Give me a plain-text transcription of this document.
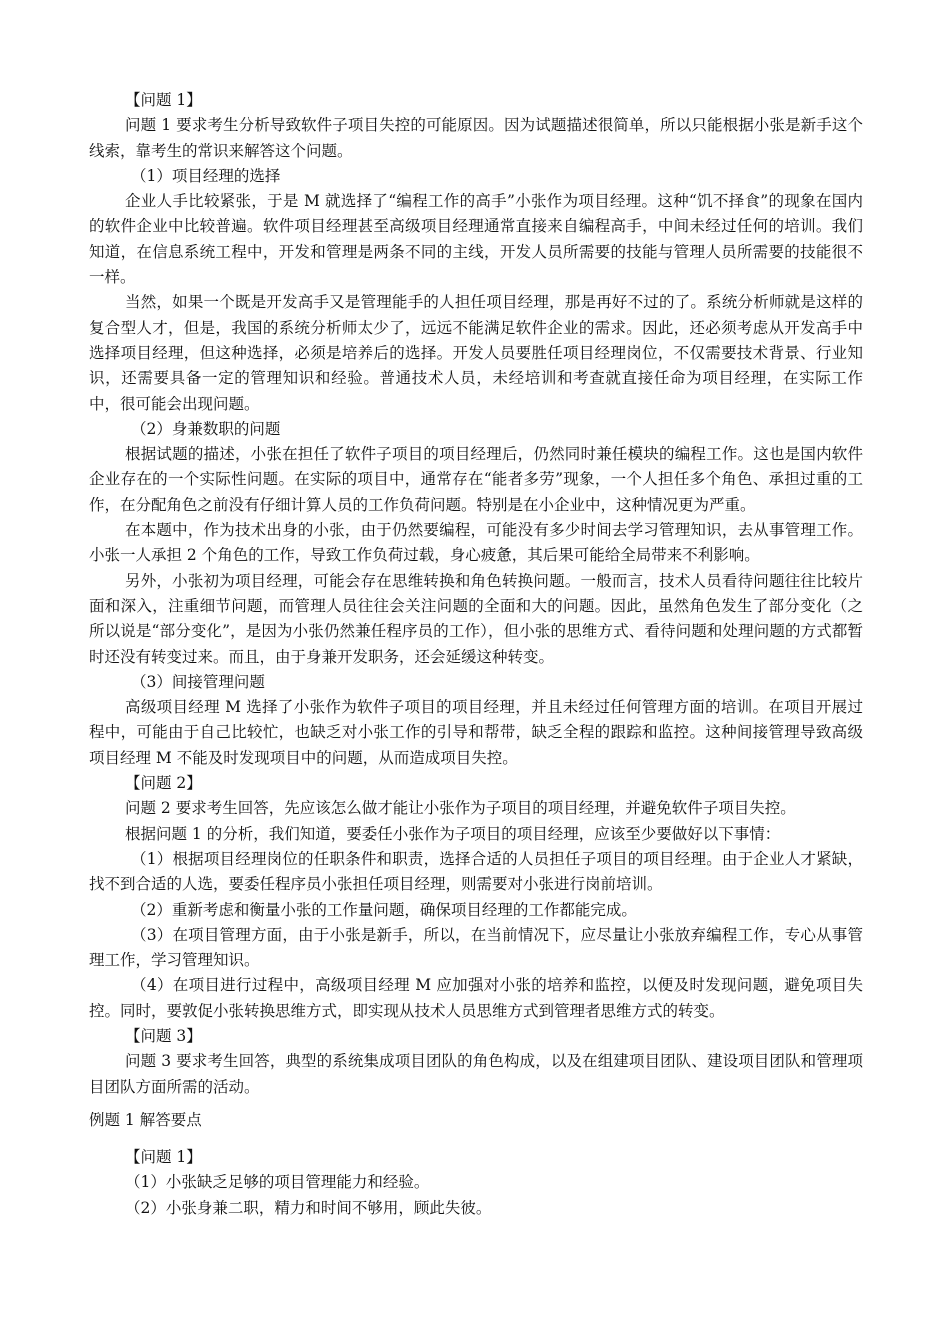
【问题 1】

问题 1 要求考生分析导致软件子项目失控的可能原因。因为试题描述很简单，所以只能根据小张是新手这个线索，靠考生的常识来解答这个问题。

（1）项目经理的选择

企业人手比较紧张，于是 M 就选择了“编程工作的高手”小张作为项目经理。这种“饥不择食”的现象在国内的软件企业中比较普遍。软件项目经理甚至高级项目经理通常直接来自编程高手，中间未经过任何的培训。我们知道，在信息系统工程中，开发和管理是两条不同的主线，开发人员所需要的技能与管理人员所需要的技能很不一样。

当然，如果一个既是开发高手又是管理能手的人担任项目经理，那是再好不过的了。系统分析师就是这样的复合型人才，但是，我国的系统分析师太少了，远远不能满足软件企业的需求。因此，还必须考虑从开发高手中选择项目经理，但这种选择，必须是培养后的选择。开发人员要胜任项目经理岗位，不仅需要技术背景、行业知识，还需要具备一定的管理知识和经验。普通技术人员，未经培训和考查就直接任命为项目经理，在实际工作中，很可能会出现问题。

（2）身兼数职的问题

根据试题的描述，小张在担任了软件子项目的项目经理后，仍然同时兼任模块的编程工作。这也是国内软件企业存在的一个实际性问题。在实际的项目中，通常存在“能者多劳”现象，一个人担任多个角色、承担过重的工作，在分配角色之前没有仔细计算人员的工作负荷问题。特别是在小企业中，这种情况更为严重。

在本题中，作为技术出身的小张，由于仍然要编程，可能没有多少时间去学习管理知识，去从事管理工作。小张一人承担 2 个角色的工作，导致工作负荷过载，身心疲惫，其后果可能给全局带来不利影响。

另外，小张初为项目经理，可能会存在思维转换和角色转换问题。一般而言，技术人员看待问题往往比较片面和深入，注重细节问题，而管理人员往往会关注问题的全面和大的问题。因此，虽然角色发生了部分变化（之所以说是“部分变化”，是因为小张仍然兼任程序员的工作），但小张的思维方式、看待问题和处理问题的方式都暂时还没有转变过来。而且，由于身兼开发职务，还会延缓这种转变。

（3）间接管理问题

高级项目经理 M 选择了小张作为软件子项目的项目经理，并且未经过任何管理方面的培训。在项目开展过程中，可能由于自己比较忙，也缺乏对小张工作的引导和帮带，缺乏全程的跟踪和监控。这种间接管理导致高级项目经理 M 不能及时发现项目中的问题，从而造成项目失控。

【问题 2】

问题 2 要求考生回答，先应该怎么做才能让小张作为子项目的项目经理，并避免软件子项目失控。

根据问题 1 的分析，我们知道，要委任小张作为子项目的项目经理，应该至少要做好以下事情：

（1）根据项目经理岗位的任职条件和职责，选择合适的人员担任子项目的项目经理。由于企业人才紧缺，找不到合适的人选，要委任程序员小张担任项目经理，则需要对小张进行岗前培训。

（2）重新考虑和衡量小张的工作量问题，确保项目经理的工作都能完成。

（3）在项目管理方面，由于小张是新手，所以，在当前情况下，应尽量让小张放弃编程工作，专心从事管理工作，学习管理知识。

（4）在项目进行过程中，高级项目经理 M 应加强对小张的培养和监控，以便及时发现问题，避免项目失控。同时，要敦促小张转换思维方式，即实现从技术人员思维方式到管理者思维方式的转变。

【问题 3】

问题 3 要求考生回答，典型的系统集成项目团队的角色构成，以及在组建项目团队、建设项目团队和管理项目团队方面所需的活动。

例题 1 解答要点

【问题 1】

（1）小张缺乏足够的项目管理能力和经验。

（2）小张身兼二职，精力和时间不够用，顾此失彼。
